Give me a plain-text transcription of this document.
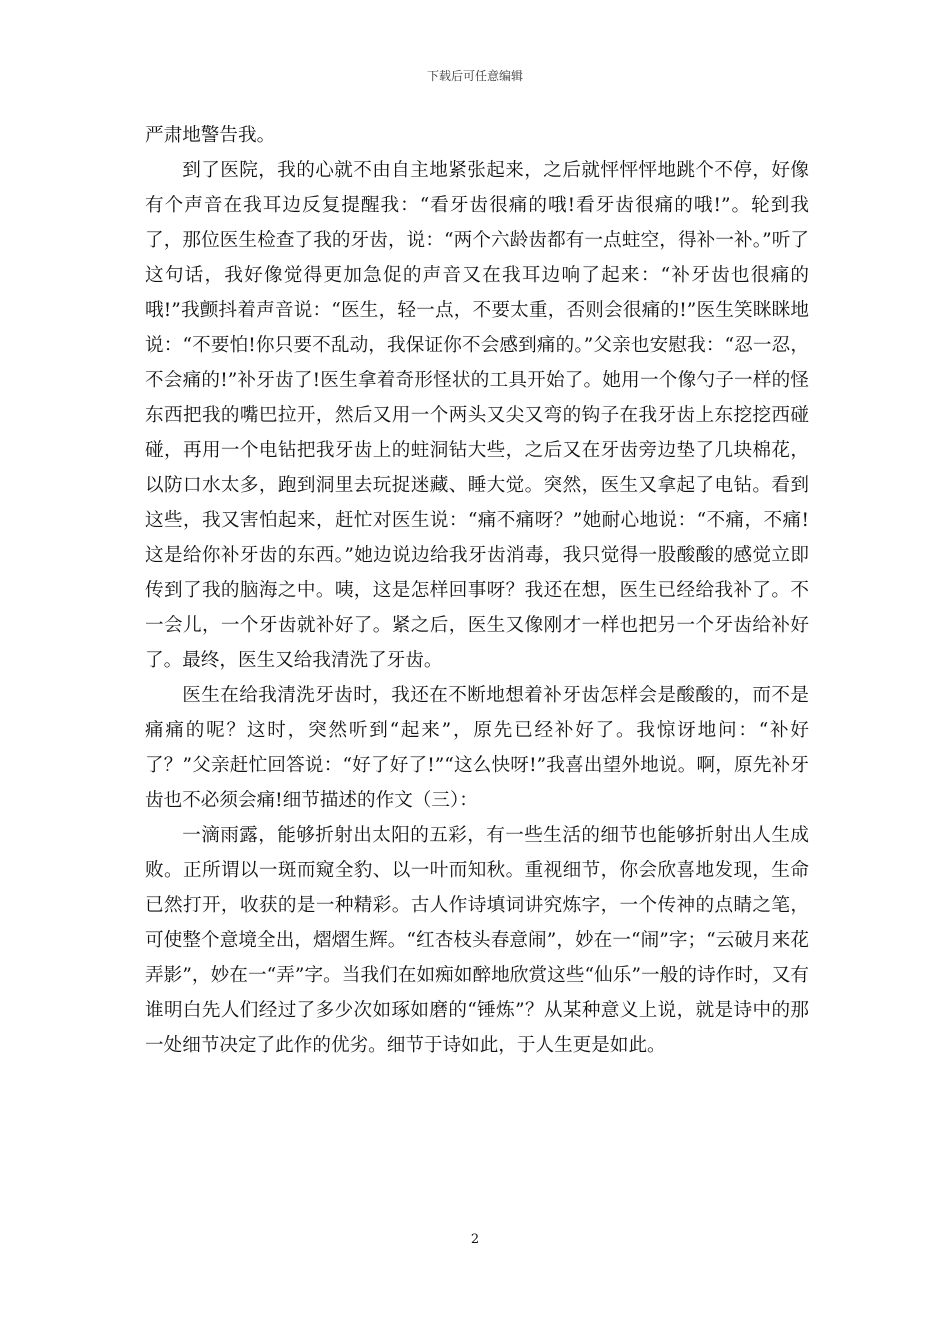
下载后可任意编辑

严肃地警告我。

到了医院，我的心就不由自主地紧张起来，之后就怦怦怦地跳个不停，好像有个声音在我耳边反复提醒我：“看牙齿很痛的哦!看牙齿很痛的哦!”。轮到我了，那位医生检查了我的牙齿，说：“两个六龄齿都有一点蛀空，得补一补。”听了这句话，我好像觉得更加急促的声音又在我耳边响了起来：“补牙齿也很痛的哦!”我颤抖着声音说：“医生，轻一点，不要太重，否则会很痛的!”医生笑眯眯地说：“不要怕!你只要不乱动，我保证你不会感到痛的。”父亲也安慰我：“忍一忍，不会痛的!”补牙齿了!医生拿着奇形怪状的工具开始了。她用一个像勺子一样的怪东西把我的嘴巴拉开，然后又用一个两头又尖又弯的钩子在我牙齿上东挖挖西碰碰，再用一个电钻把我牙齿上的蛀洞钻大些，之后又在牙齿旁边垫了几块棉花，以防口水太多，跑到洞里去玩捉迷藏、睡大觉。突然，医生又拿起了电钻。看到这些，我又害怕起来，赶忙对医生说：“痛不痛呀？”她耐心地说：“不痛，不痛!这是给你补牙齿的东西。”她边说边给我牙齿消毒，我只觉得一股酸酸的感觉立即传到了我的脑海之中。咦，这是怎样回事呀？我还在想，医生已经给我补了。不一会儿，一个牙齿就补好了。紧之后，医生又像刚才一样也把另一个牙齿给补好了。最终，医生又给我清洗了牙齿。

医生在给我清洗牙齿时，我还在不断地想着补牙齿怎样会是酸酸的，而不是痛痛的呢？这时，突然听到“起来”，原先已经补好了。我惊讶地问：“补好了？”父亲赶忙回答说：“好了好了!”“这么快呀!”我喜出望外地说。啊，原先补牙齿也不必须会痛!细节描述的作文（三）：

一滴雨露，能够折射出太阳的五彩，有一些生活的细节也能够折射出人生成败。正所谓以一斑而窥全豹、以一叶而知秋。重视细节，你会欣喜地发现，生命已然打开，收获的是一种精彩。古人作诗填词讲究炼字，一个传神的点睛之笔，可使整个意境全出，熠熠生辉。“红杏枝头春意闹”，妙在一“闹”字；“云破月来花弄影”，妙在一“弄”字。当我们在如痴如醉地欣赏这些“仙乐”一般的诗作时，又有谁明白先人们经过了多少次如琢如磨的“锤炼”？从某种意义上说，就是诗中的那一处细节决定了此作的优劣。细节于诗如此，于人生更是如此。

2
